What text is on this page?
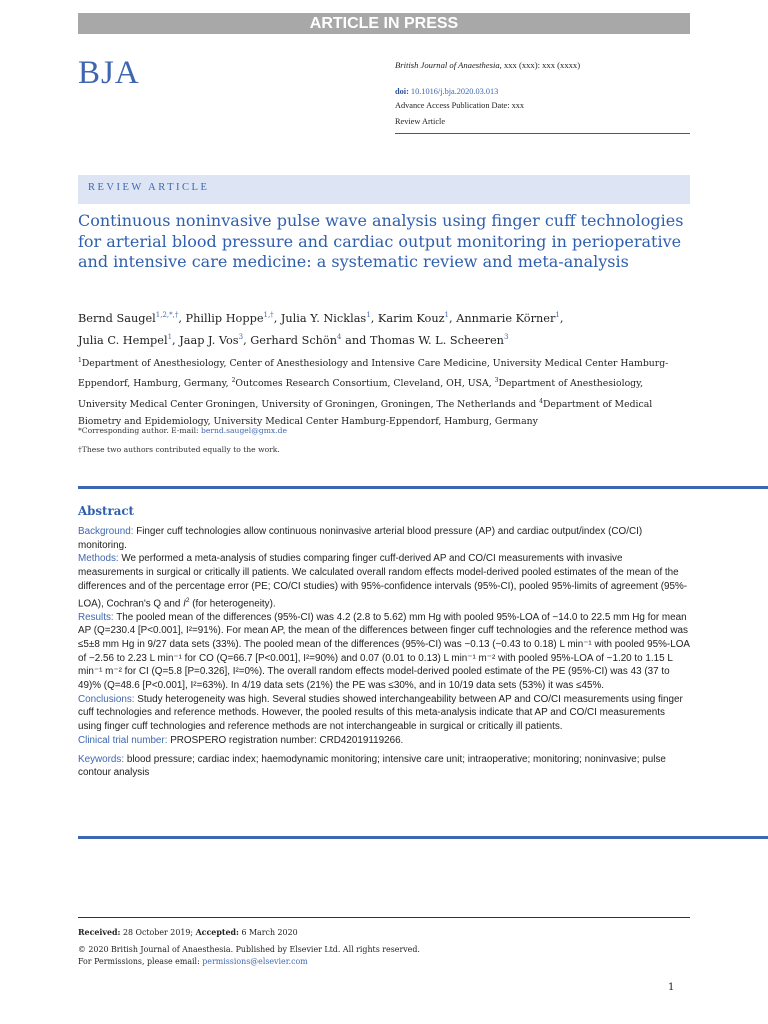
ARTICLE IN PRESS
BJA	British Journal of Anaesthesia, xxx (xxx): xxx (xxxx)
doi: 10.1016/j.bja.2020.03.013
Advance Access Publication Date: xxx
Review Article
REVIEW ARTICLE
Continuous noninvasive pulse wave analysis using finger cuff technologies for arterial blood pressure and cardiac output monitoring in perioperative and intensive care medicine: a systematic review and meta-analysis
Bernd Saugel$^{1,2,*,\dagger}$, Phillip Hoppe$^{1,\dagger}$, Julia Y. Nicklas$^1$, Karim Kouz$^1$, Annmarie Körner$^1$,
Julia C. Hempel$^1$, Jaap J. Vos$^3$, Gerhard Schön$^4$ and Thomas W. L. Scheeren$^3$
$^1$Department of Anesthesiology, Center of Anesthesiology and Intensive Care Medicine, University Medical Center Hamburg-Eppendorf, Hamburg, Germany, $^2$Outcomes Research Consortium, Cleveland, OH, USA, $^3$Department of Anesthesiology, University Medical Center Groningen, University of Groningen, Groningen, The Netherlands and $^4$Department of Medical Biometry and Epidemiology, University Medical Center Hamburg-Eppendorf, Hamburg, Germany
*Corresponding author. E-mail: bernd.saugel@gmx.de
†These two authors contributed equally to the work.
Abstract

Background: Finger cuff technologies allow continuous noninvasive arterial blood pressure (AP) and cardiac output/index (CO/CI) monitoring.

Methods: We performed a meta-analysis of studies comparing finger cuff-derived AP and CO/CI measurements with invasive measurements in surgical or critically ill patients. We calculated overall random effects model-derived pooled estimates of the mean of the differences and of the percentage error (PE; CO/CI studies) with 95%-confidence intervals (95%-CI), pooled 95%-limits of agreement (95%-LOA), Cochran's Q and $I^2$ (for heterogeneity).

Results: The pooled mean of the differences (95%-CI) was 4.2 (2.8 to 5.62) mm Hg with pooled 95%-LOA of −14.0 to 22.5 mm Hg for mean AP (Q=230.4 [P<0.001], I²=91%). For mean AP, the mean of the differences between finger cuff technologies and the reference method was ≤5±8 mm Hg in 9/27 data sets (33%). The pooled mean of the differences (95%-CI) was −0.13 (−0.43 to 0.18) L min⁻¹ with pooled 95%-LOA of −2.56 to 2.23 L min⁻¹ for CO (Q=66.7 [P<0.001], I²=90%) and 0.07 (0.01 to 0.13) L min⁻¹ m⁻² with pooled 95%-LOA of −1.20 to 1.15 L min⁻¹ m⁻² for CI (Q=5.8 [P=0.326], I²=0%). The overall random effects model-derived pooled estimate of the PE (95%-CI) was 43 (37 to 49)% (Q=48.6 [P<0.001], I²=63%). In 4/19 data sets (21%) the PE was ≤30%, and in 10/19 data sets (53%) it was ≤45%.

Conclusions: Study heterogeneity was high. Several studies showed interchangeability between AP and CO/CI measurements using finger cuff technologies and reference methods. However, the pooled results of this meta-analysis indicate that AP and CO/CI measurements using finger cuff technologies and reference methods are not interchangeable in surgical or critically ill patients.

Clinical trial number: PROSPERO registration number: CRD42019119266.

Keywords: blood pressure; cardiac index; haemodynamic monitoring; intensive care unit; intraoperative; monitoring; noninvasive; pulse contour analysis

Received: 28 October 2019; Accepted: 6 March 2020
© 2020 British Journal of Anaesthesia. Published by Elsevier Ltd. All rights reserved.
For Permissions, please email: permissions@elsevier.com
1
